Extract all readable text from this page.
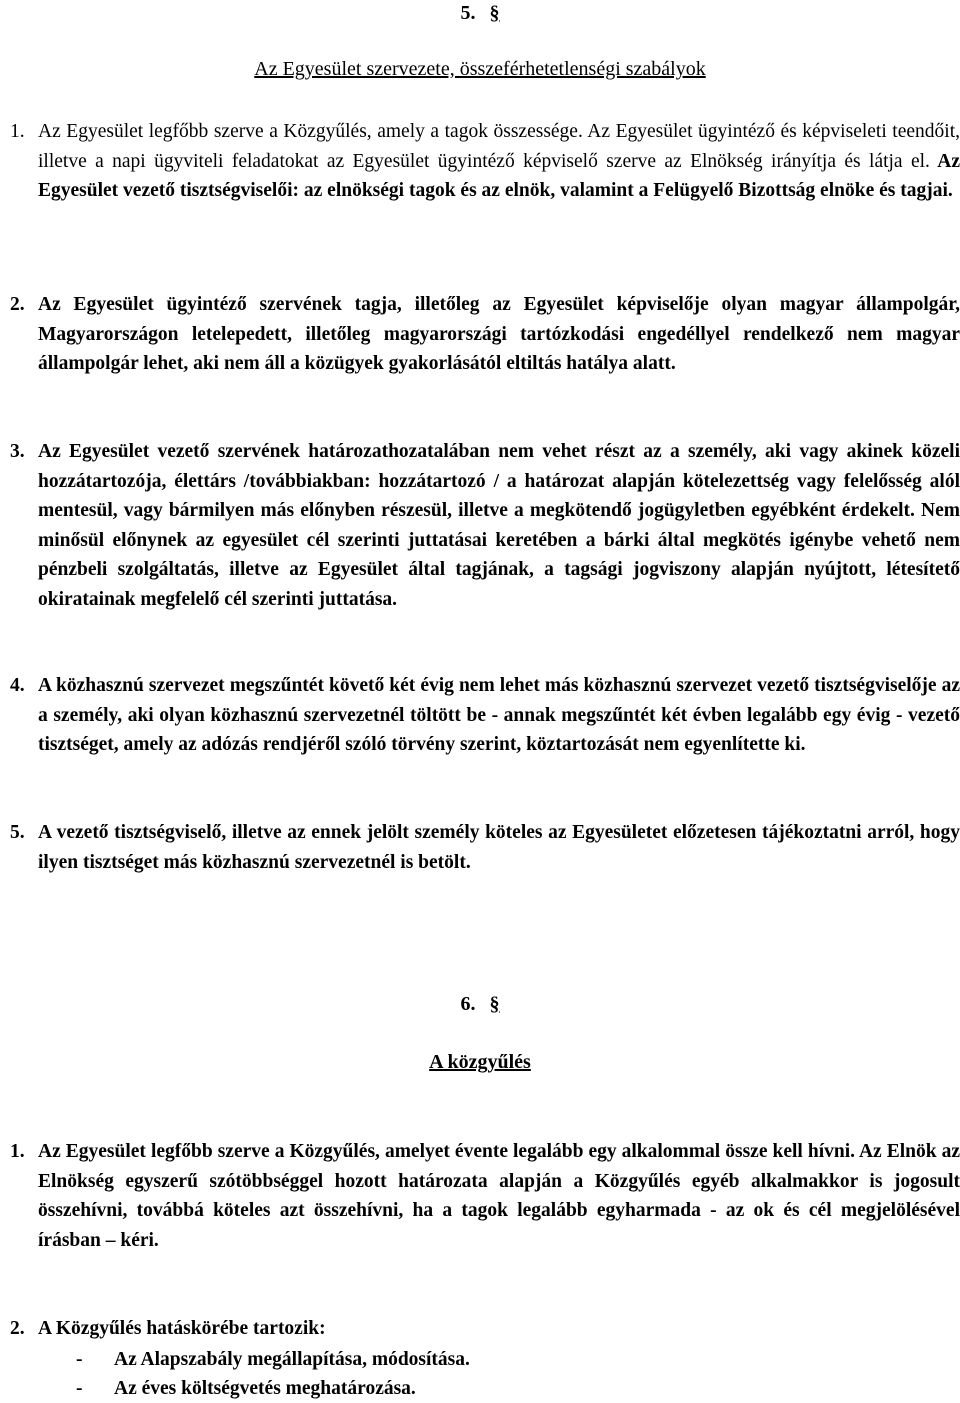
5. §
Az Egyesület szervezete, összeférhetetlenségi szabályok
1. Az Egyesület legfőbb szerve a Közgyűlés, amely a tagok összessége. Az Egyesület ügyintéző és képviseleti teendőit, illetve a napi ügyviteli feladatokat az Egyesület ügyintéző képviselő szerve az Elnökség irányítja és látja el. Az Egyesület vezető tisztségviselői: az elnökségi tagok és az elnök, valamint a Felügyelő Bizottság elnöke és tagjai.
2. Az Egyesület ügyintéző szervének tagja, illetőleg az Egyesület képviselője olyan magyar állampolgár, Magyarországon letelepedett, illetőleg magyarországi tartózkodási engedéllyel rendelkező nem magyar állampolgár lehet, aki nem áll a közügyek gyakorlásától eltiltás hatálya alatt.
3. Az Egyesület vezető szervének határozathozatalában nem vehet részt az a személy, aki vagy akinek közeli hozzátartozója, élettárs /továbbiakban: hozzátartozó / a határozat alapján kötelezettség vagy felelősség alól mentesül, vagy bármilyen más előnyben részesül, illetve a megkötendő jogügyletben egyébként érdekelt. Nem minősül előnynek az egyesület cél szerinti juttatásai keretében a bárki által megkötés igénybe vehető nem pénzbeli szolgáltatás, illetve az Egyesület által tagjának, a tagsági jogviszony alapján nyújtott, létesítető okiratainak megfelelő cél szerinti juttatása.
4. A közhasznú szervezet megszűntét követő két évig nem lehet más közhasznú szervezet vezető tisztségviselője az a személy, aki olyan közhasznú szervezetnél töltött be - annak megszűntét két évben legalább egy évig - vezető tisztséget, amely az adózás rendjéről szóló törvény szerint, köztartozását nem egyenlítette ki.
5. A vezető tisztségviselő, illetve az ennek jelölt személy köteles az Egyesületet előzetesen tájékoztatni arról, hogy ilyen tisztséget más közhasznú szervezetnél is betölt.
6. §
A közgyűlés
1. Az Egyesület legfőbb szerve a Közgyűlés, amelyet évente legalább egy alkalommal össze kell hívni. Az Elnök az Elnökség egyszerű szótöbbséggel hozott határozata alapján a Közgyűlés egyéb alkalmakkor is jogosult összehívni, továbbá köteles azt összehívni, ha a tagok legalább egyharmada - az ok és cél megjelölésével írásban – kéri.
2. A Közgyűlés hatáskörébe tartozik:
- Az Alapszabály megállapítása, módosítása.
- Az éves költségvetés meghatározása.
